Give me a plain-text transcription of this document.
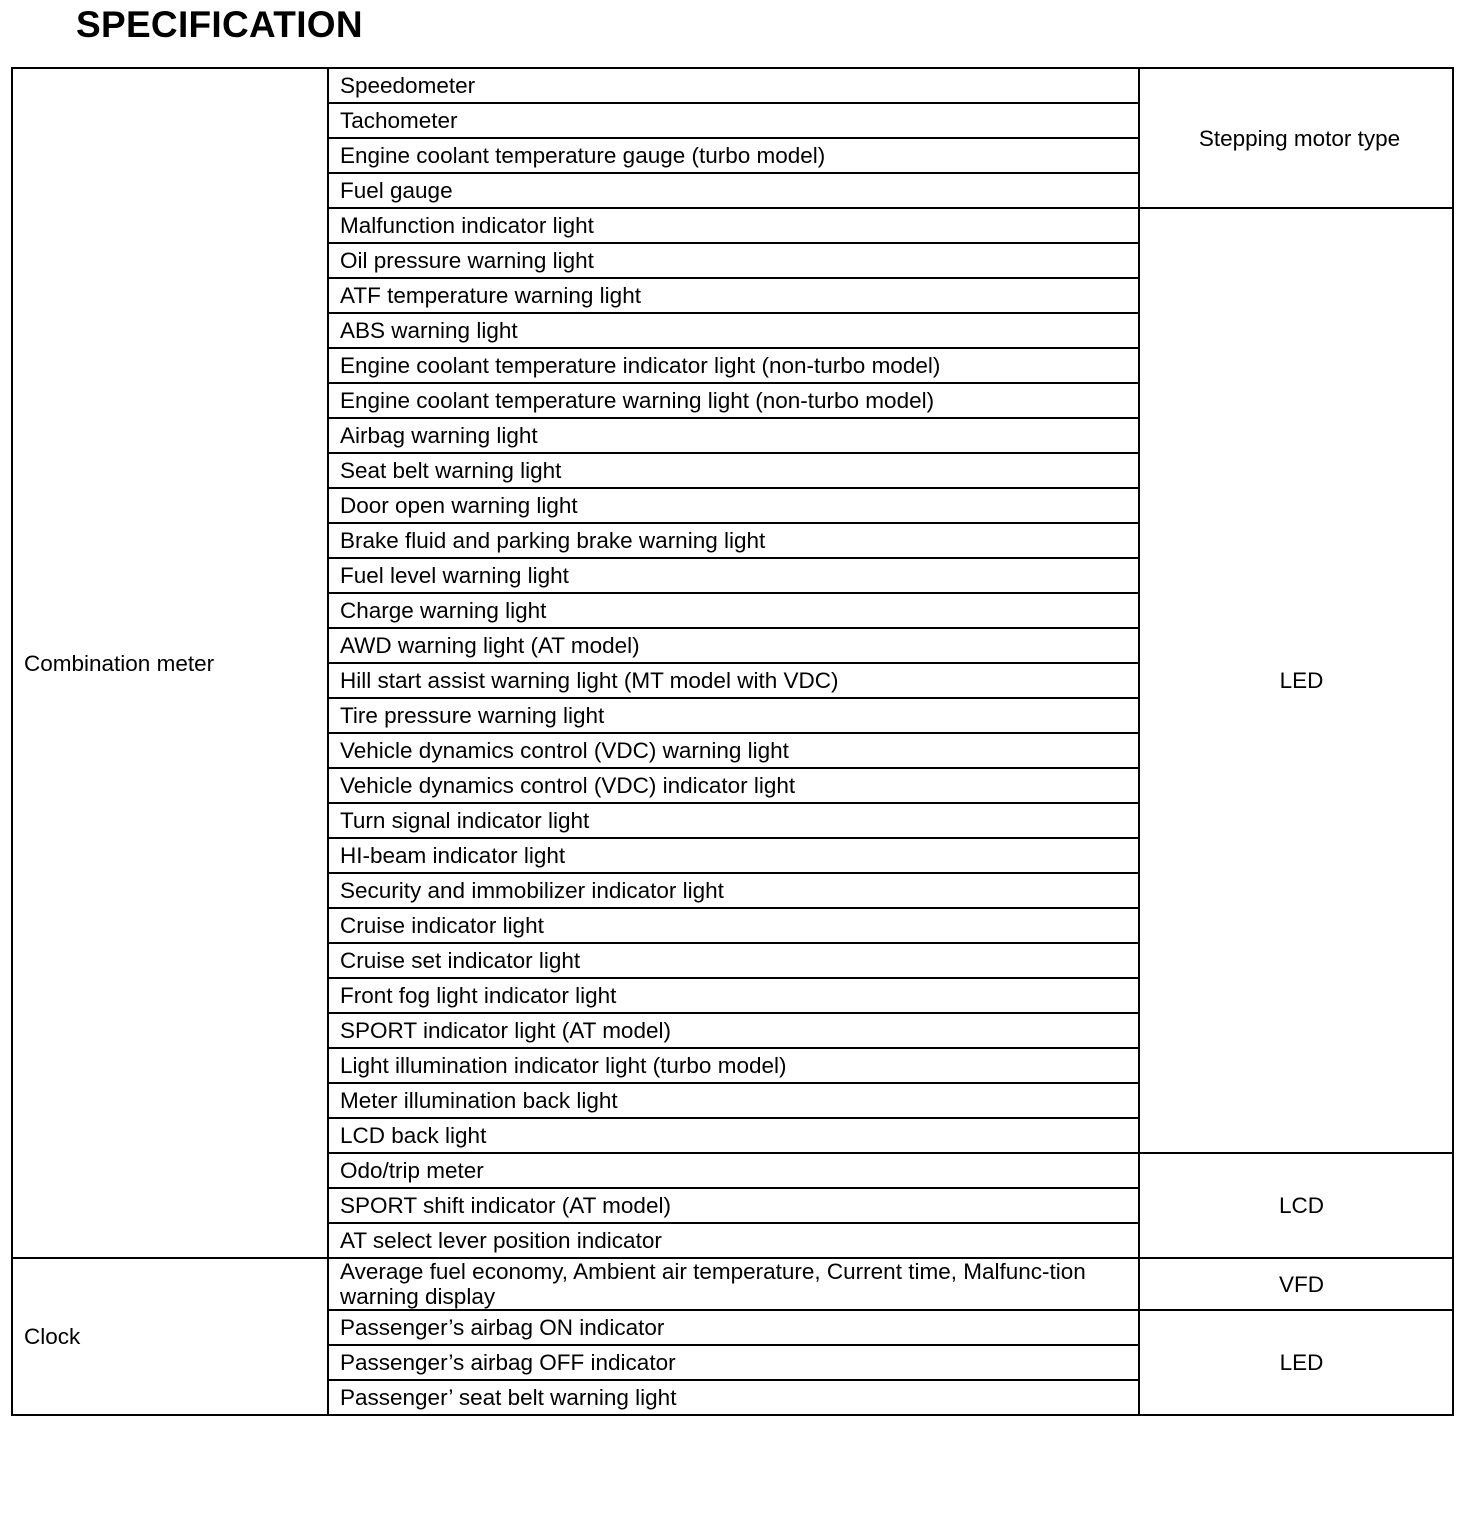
SPECIFICATION
Combination meter	Speedometer	Stepping motor type
	Tachometer	
	Engine coolant temperature gauge (turbo model)	
	Fuel gauge	
	Malfunction indicator light	LED
	Oil pressure warning light	
	ATF temperature warning light	
	ABS warning light	
	Engine coolant temperature indicator light (non-turbo model)	
	Engine coolant temperature warning light (non-turbo model)	
	Airbag warning light	
	Seat belt warning light	
	Door open warning light	
	Brake fluid and parking brake warning light	
	Fuel level warning light	
	Charge warning light	
	AWD warning light (AT model)	
	Hill start assist warning light (MT model with VDC)	
	Tire pressure warning light	
	Vehicle dynamics control (VDC) warning light	
	Vehicle dynamics control (VDC) indicator light	
	Turn signal indicator light	
	HI-beam indicator light	
	Security and immobilizer indicator light	
	Cruise indicator light	
	Cruise set indicator light	
	Front fog light indicator light	
	SPORT indicator light (AT model)	
	Light illumination indicator light (turbo model)	
	Meter illumination back light	
	LCD back light	
	Odo/trip meter	LCD
	SPORT shift indicator (AT model)	
	AT select lever position indicator	
Clock	Average fuel economy, Ambient air temperature, Current time, Malfunc-tion warning display	VFD
	Passenger’s airbag ON indicator	LED
	Passenger’s airbag OFF indicator	
	Passenger’ seat belt warning light	
